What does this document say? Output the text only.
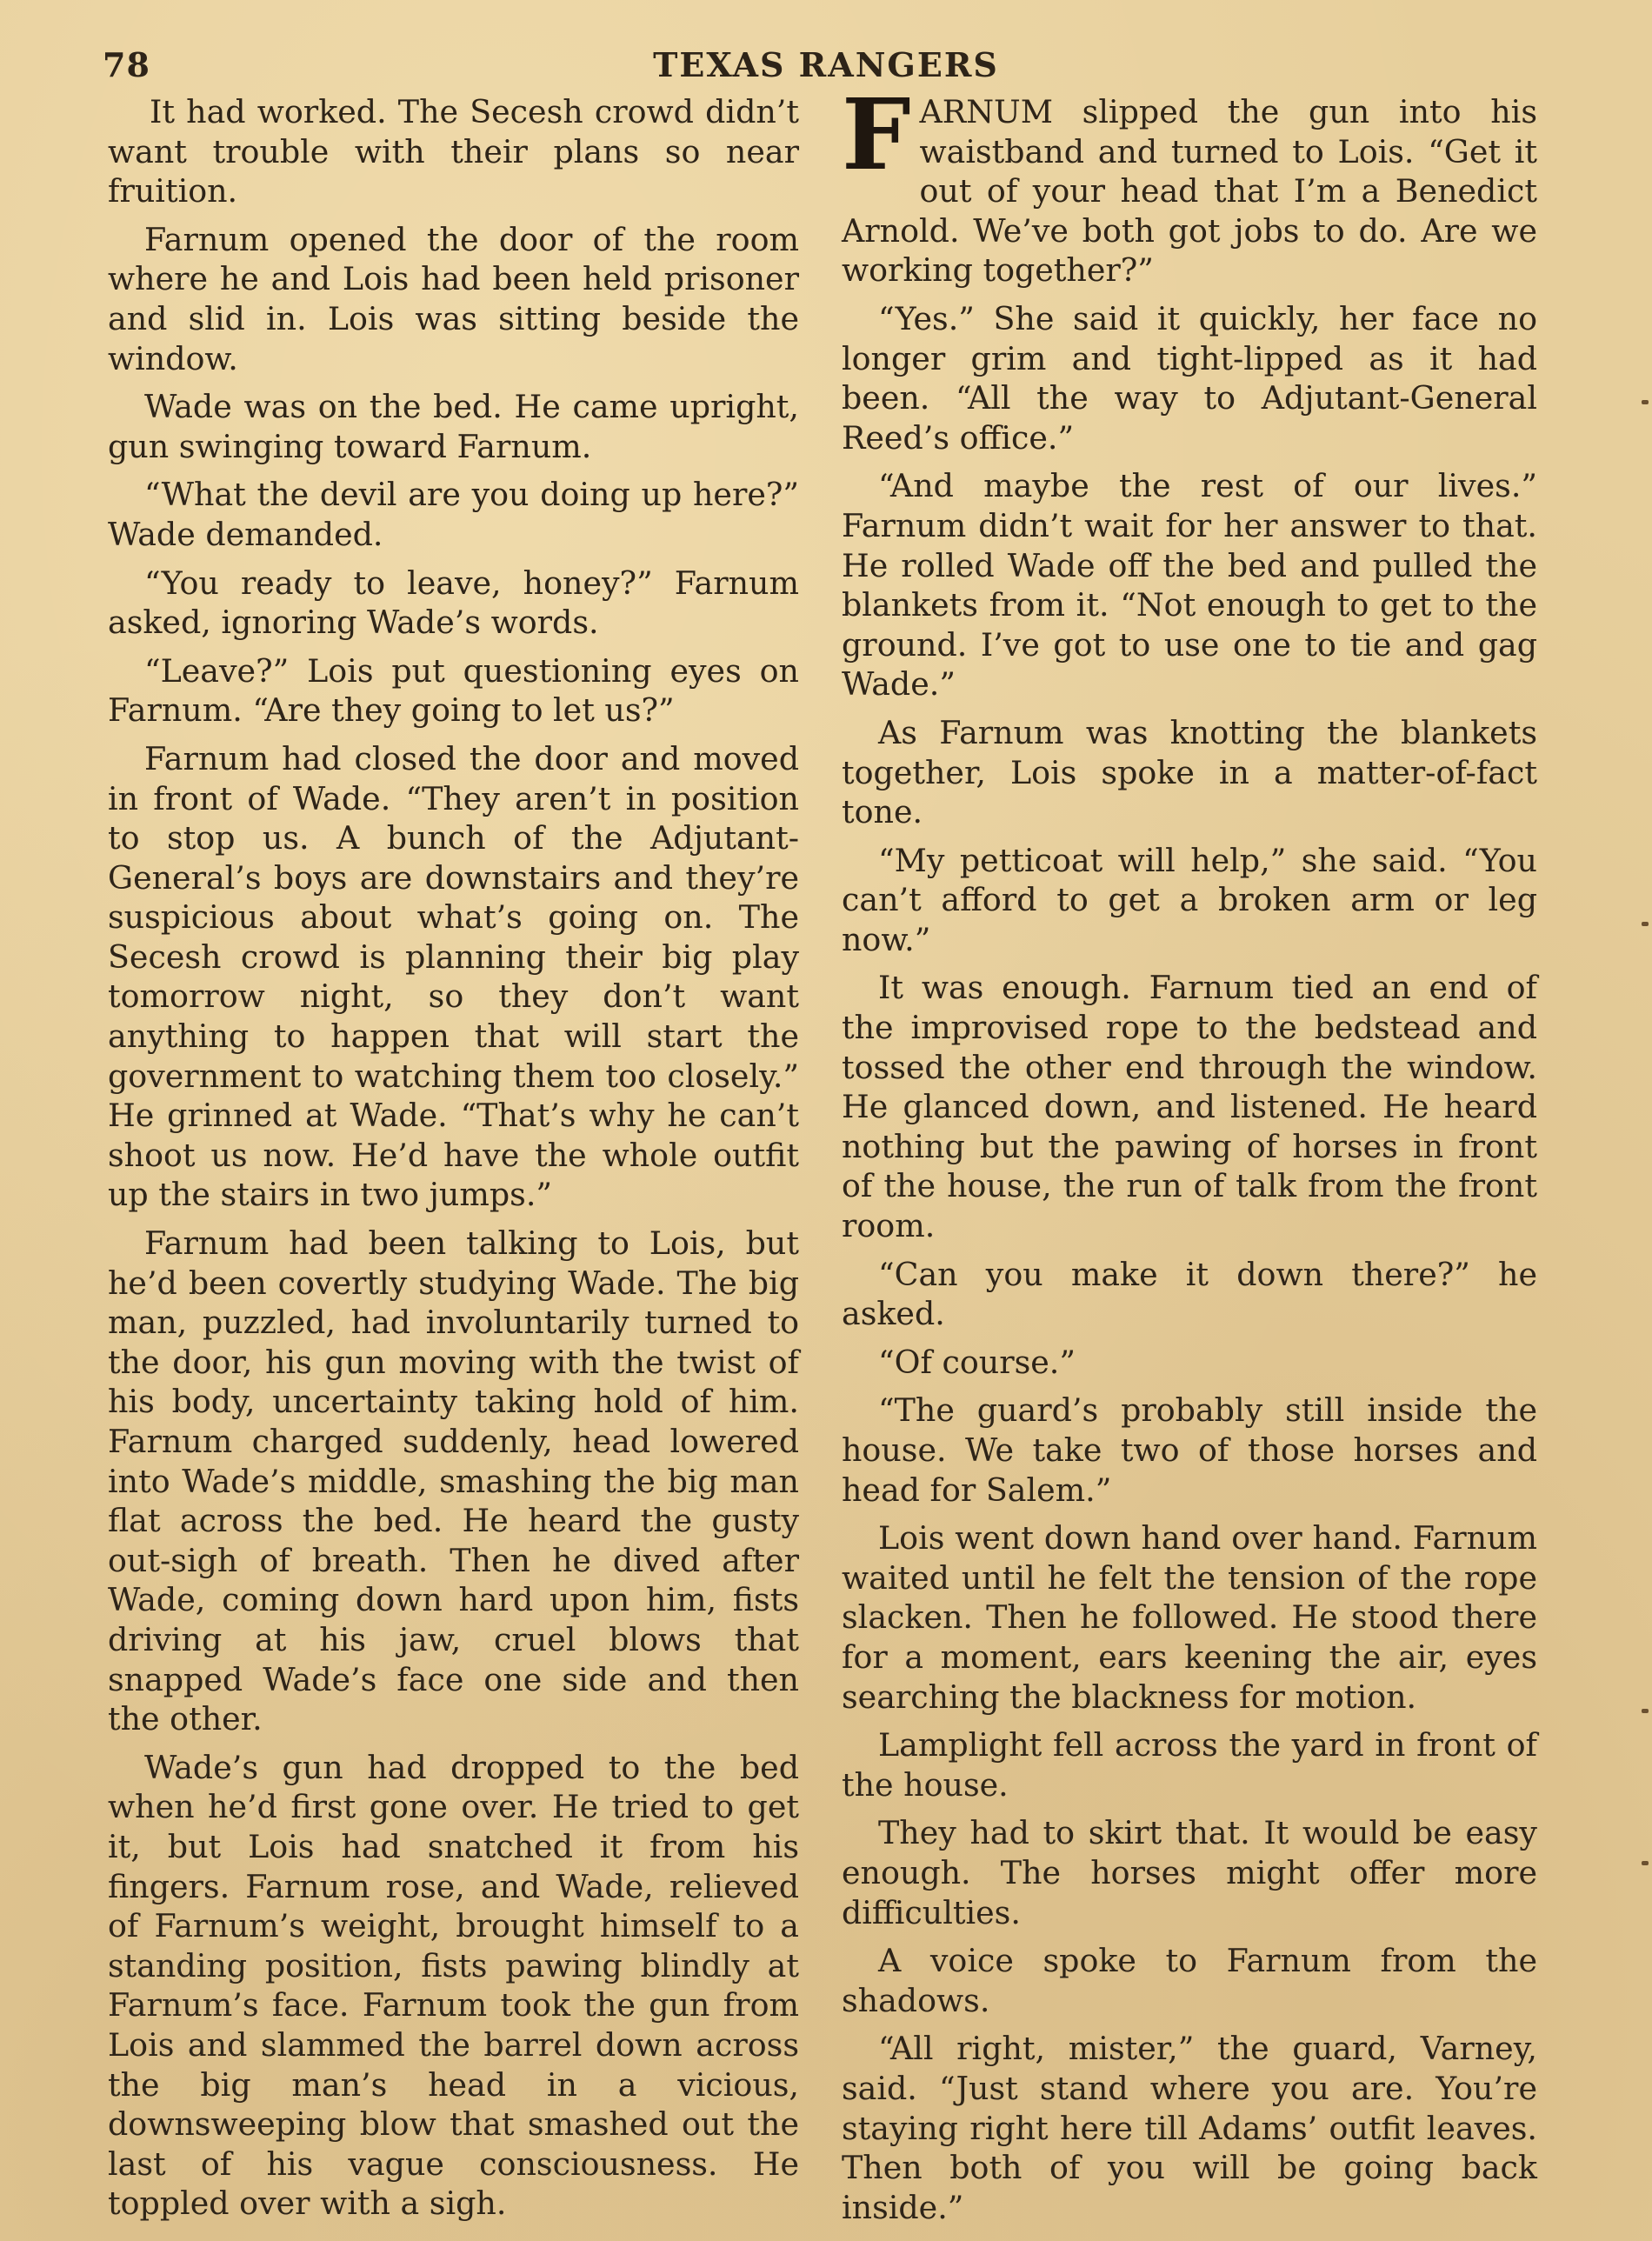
78	TEXAS RANGERS

It had worked. The Secesh crowd didn’t want trouble with their plans so near fruition.

Farnum opened the door of the room where he and Lois had been held prisoner and slid in. Lois was sitting beside the window.

Wade was on the bed. He came upright, gun swinging toward Farnum.

“What the devil are you doing up here?” Wade demanded.

“You ready to leave, honey?” Farnum asked, ignoring Wade’s words.

“Leave?” Lois put questioning eyes on Farnum. “Are they going to let us?”

Farnum had closed the door and moved in front of Wade. “They aren’t in position to stop us. A bunch of the Adjutant-General’s boys are downstairs and they’re suspicious about what’s going on. The Secesh crowd is planning their big play tomorrow night, so they don’t want anything to happen that will start the government to watching them too closely.” He grinned at Wade. “That’s why he can’t shoot us now. He’d have the whole outfit up the stairs in two jumps.”

Farnum had been talking to Lois, but he’d been covertly studying Wade. The big man, puzzled, had involuntarily turned to the door, his gun moving with the twist of his body, uncertainty taking hold of him. Farnum charged suddenly, head lowered into Wade’s middle, smashing the big man flat across the bed. He heard the gusty out-sigh of breath. Then he dived after Wade, coming down hard upon him, fists driving at his jaw, cruel blows that snapped Wade’s face one side and then the other.

Wade’s gun had dropped to the bed when he’d first gone over. He tried to get it, but Lois had snatched it from his fingers. Farnum rose, and Wade, relieved of Farnum’s weight, brought himself to a standing position, fists pawing blindly at Farnum’s face. Farnum took the gun from Lois and slammed the barrel down across the big man’s head in a vicious, downsweeping blow that smashed out the last of his vague consciousness. He toppled over with a sigh.

FARNUM slipped the gun into his waistband and turned to Lois. “Get it out of your head that I’m a Benedict Arnold. We’ve both got jobs to do. Are we working together?”

“Yes.” She said it quickly, her face no longer grim and tight-lipped as it had been. “All the way to Adjutant-General Reed’s office.”

“And maybe the rest of our lives.” Farnum didn’t wait for her answer to that. He rolled Wade off the bed and pulled the blankets from it. “Not enough to get to the ground. I’ve got to use one to tie and gag Wade.”

As Farnum was knotting the blankets together, Lois spoke in a matter-of-fact tone.

“My petticoat will help,” she said. “You can’t afford to get a broken arm or leg now.”

It was enough. Farnum tied an end of the improvised rope to the bedstead and tossed the other end through the window. He glanced down, and listened. He heard nothing but the pawing of horses in front of the house, the run of talk from the front room.

“Can you make it down there?” he asked.

“Of course.”

“The guard’s probably still inside the house. We take two of those horses and head for Salem.”

Lois went down hand over hand. Farnum waited until he felt the tension of the rope slacken. Then he followed. He stood there for a moment, ears keening the air, eyes searching the blackness for motion.

Lamplight fell across the yard in front of the house.

They had to skirt that. It would be easy enough. The horses might offer more difficulties.

A voice spoke to Farnum from the shadows.

“All right, mister,” the guard, Varney, said. “Just stand where you are. You’re staying right here till Adams’ outfit leaves. Then both of you will be going back inside.”
